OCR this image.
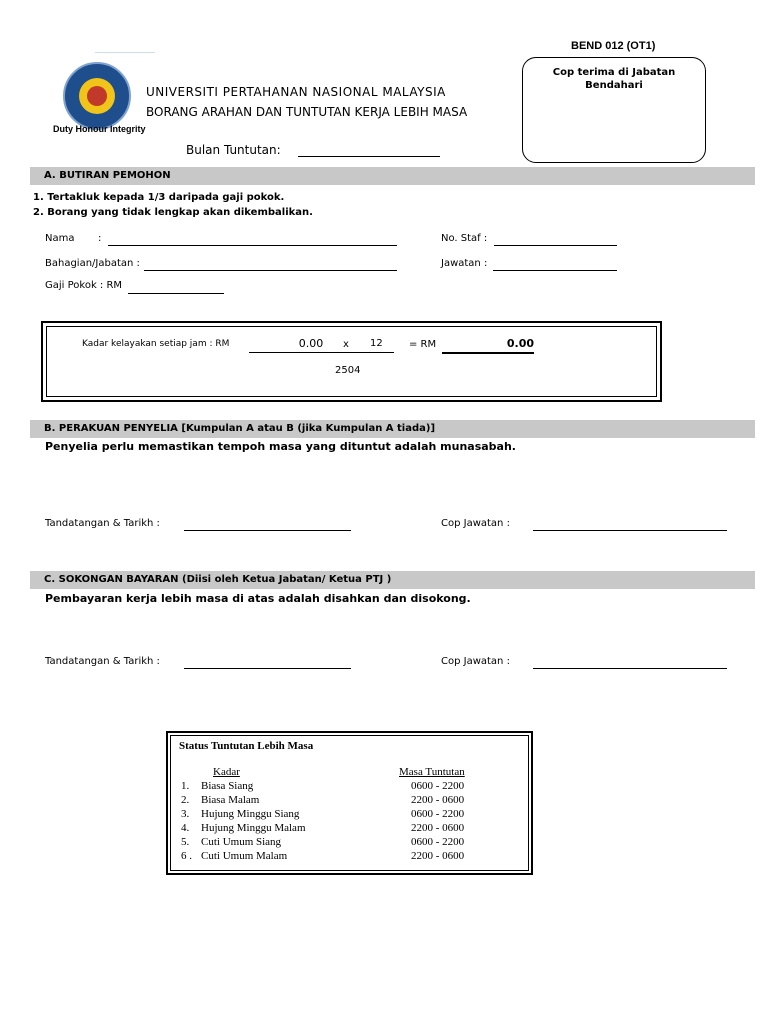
BEND 012 (OT1)
UNIVERSITI PERTAHANAN NASIONAL MALAYSIA
BORANG ARAHAN DAN TUNTUTAN KERJA LEBIH MASA
Duty Honour Integrity
Bulan Tuntutan:
Cop terima di Jabatan Bendahari
A. BUTIRAN PEMOHON
1. Tertakluk kepada 1/3 daripada gaji pokok.
2. Borang yang tidak lengkap akan dikembalikan.
Nama :	No. Staf :
Bahagian/Jabatan :	Jawatan :
Gaji Pokok : RM
Kadar kelayakan setiap jam : RM	0.00	x 12	= RM	0.00
2504
B. PERAKUAN PENYELIA [Kumpulan A atau B (jika Kumpulan A tiada)]
Penyelia perlu memastikan tempoh masa yang dituntut adalah munasabah.
Tandatangan & Tarikh :	Cop Jawatan :
C. SOKONGAN BAYARAN (Diisi oleh Ketua Jabatan/ Ketua PTJ )
Pembayaran kerja lebih masa di atas adalah disahkan dan disokong.
Tandatangan & Tarikh :	Cop Jawatan :
Status Tuntutan Lebih Masa
Kadar	Masa Tuntutan
1. Biasa Siang	0600 - 2200
2. Biasa Malam	2200 - 0600
3. Hujung Minggu Siang	0600 - 2200
4. Hujung Minggu Malam	2200 - 0600
5. Cuti Umum Siang	0600 - 2200
6 . Cuti Umum Malam	2200 - 0600
